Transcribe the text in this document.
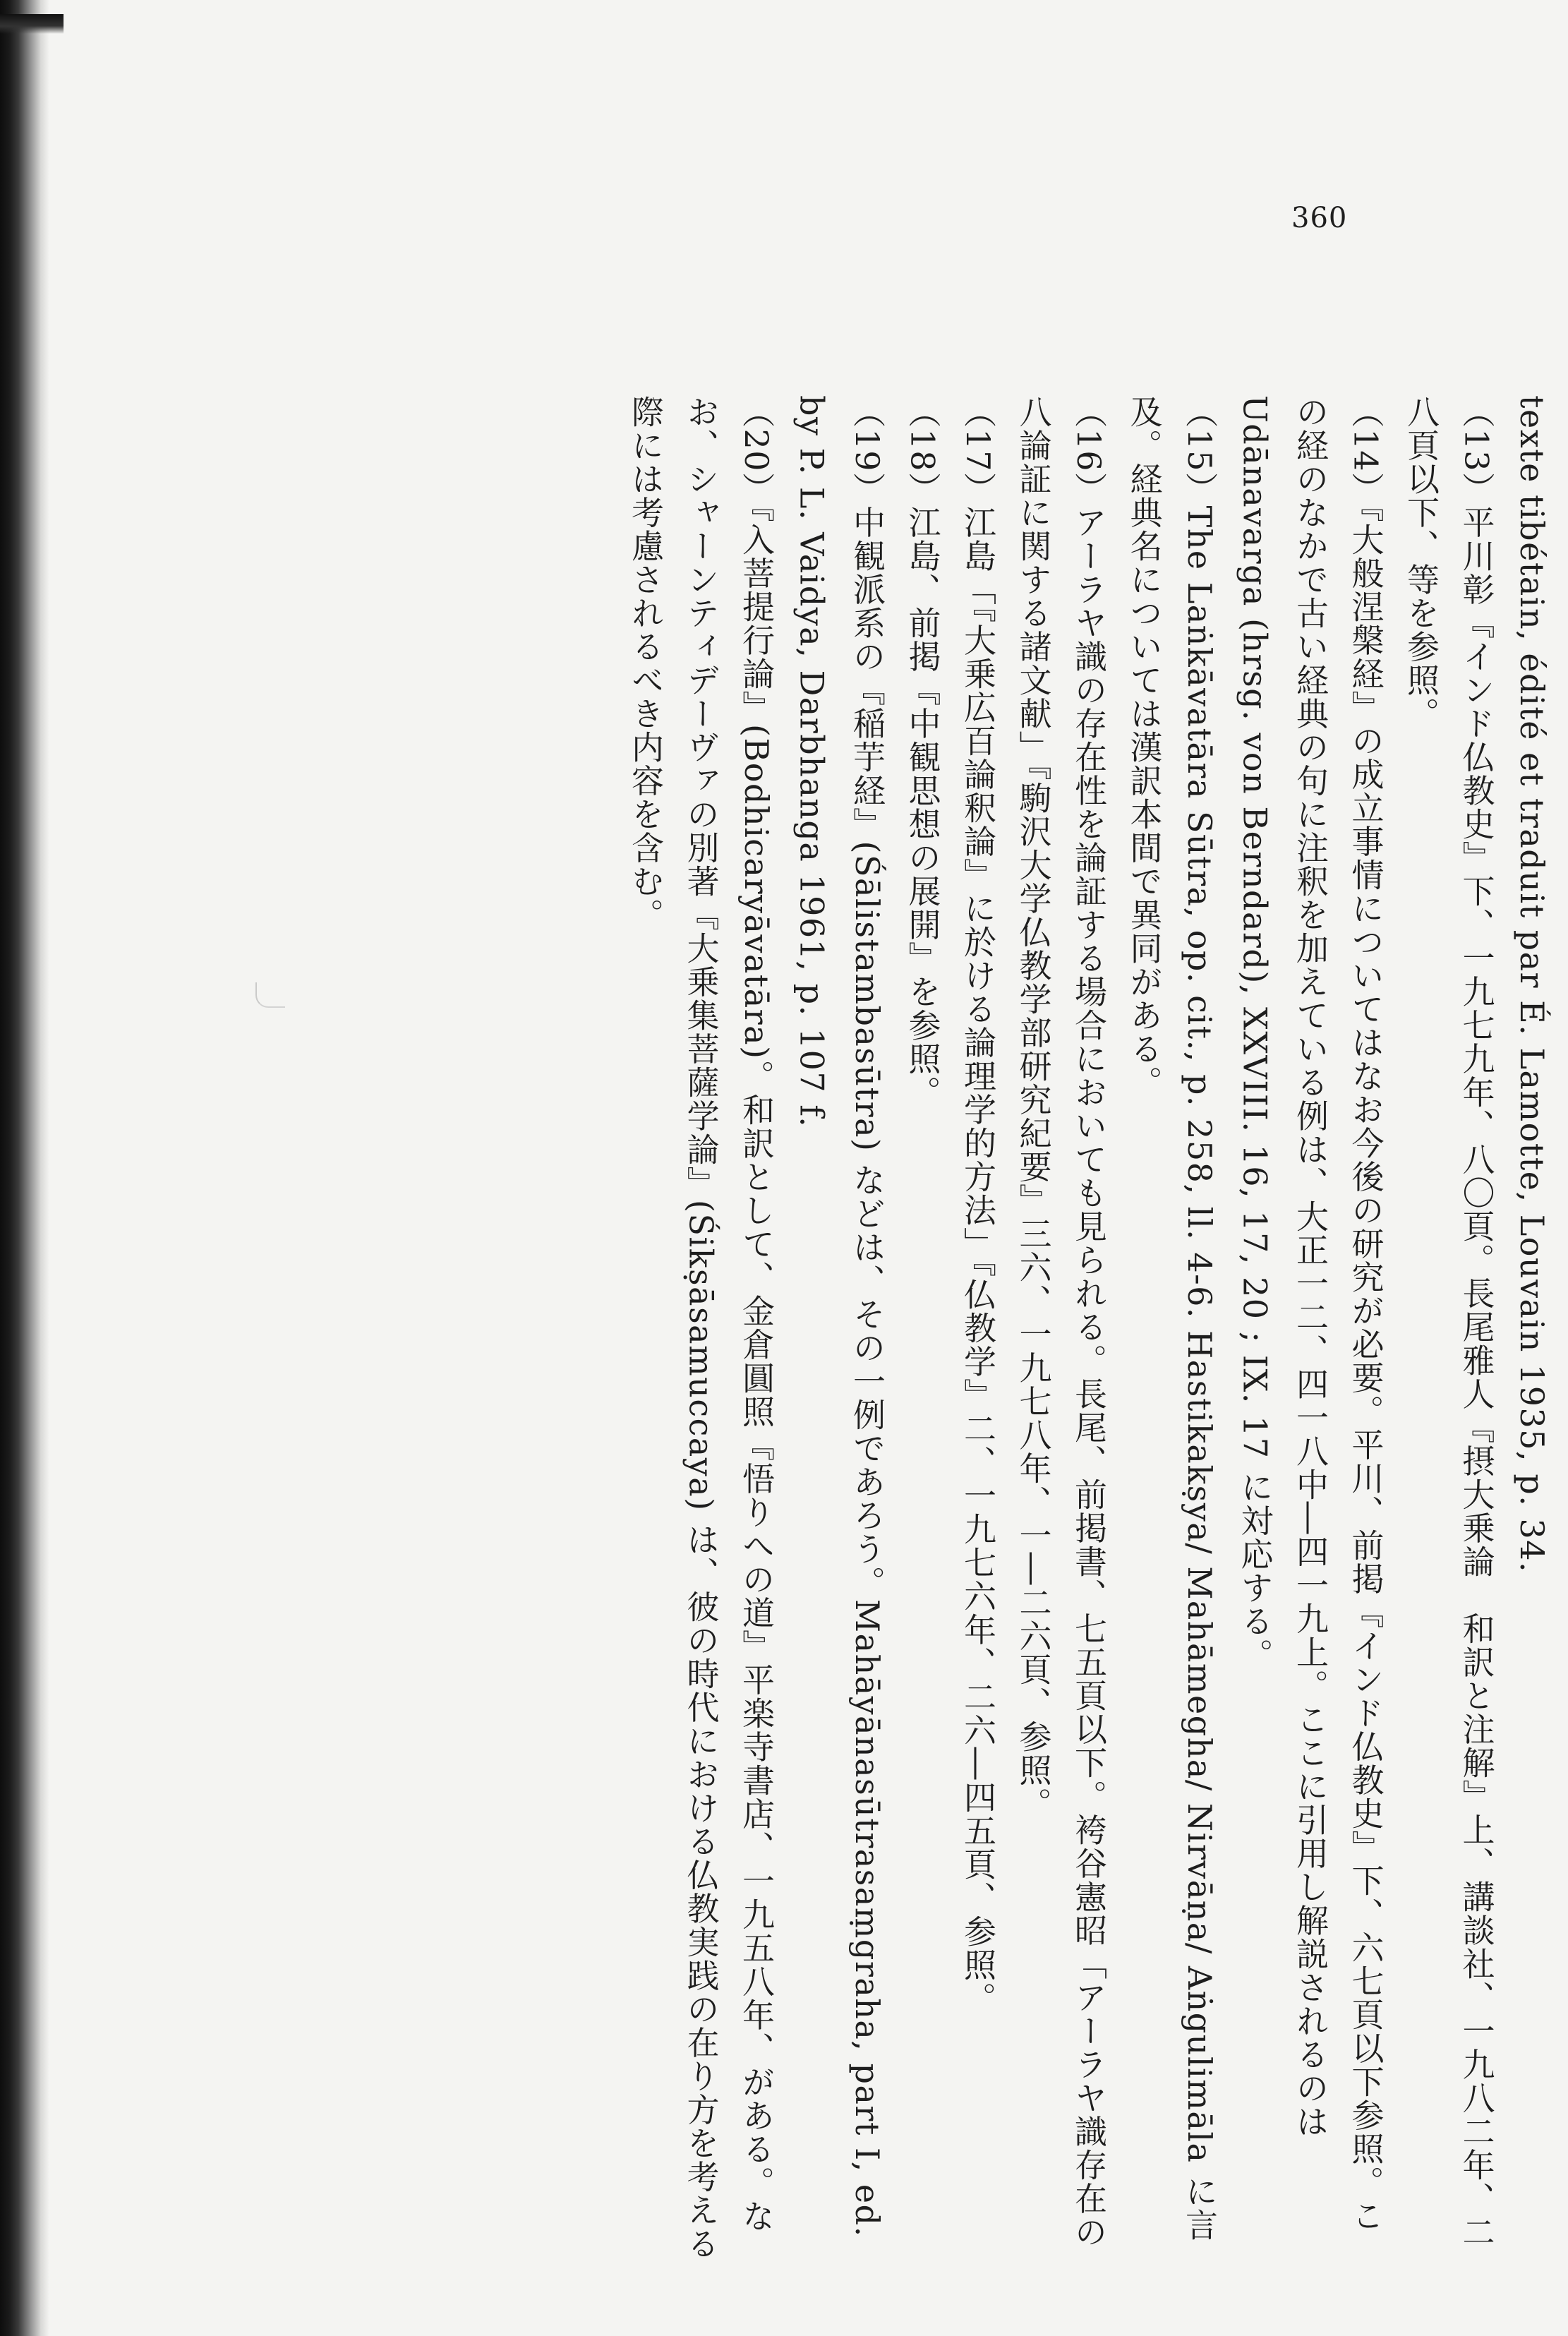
360

texte tibétain, édité et traduit par É. Lamotte, Louvain 1935, p. 34.

（13）平川彰『インド仏教史』下、一九七九年、八〇頁。長尾雅人『摂大乗論　和訳と注解』上、講談社、一九八二年、二八頁以下、等を参照。

（14）『大般涅槃経』の成立事情についてはなお今後の研究が必要。平川、前掲『インド仏教史』下、六七頁以下参照。この経のなかで古い経典の句に注釈を加えている例は、大正一二、四一八中―四一九上。ここに引用し解説されるのは Udānavarga (hrsg. von Berndard), XXVIII. 16, 17, 20 ; IX. 17 に対応する。

（15）The Laṅkāvatāra Sūtra, op. cit., p. 258, ll. 4-6. Hastikakṣya/ Mahāmegha/ Nirvāṇa/ Aṅgulimāla に言及。経典名については漢訳本間で異同がある。

（16）アーラヤ識の存在性を論証する場合においても見られる。長尾、前掲書、七五頁以下。袴谷憲昭「アーラヤ識存在の八論証に関する諸文献」『駒沢大学仏教学部研究紀要』三六、一九七八年、一―二六頁、参照。

（17）江島「『大乗広百論釈論』に於ける論理学的方法」『仏教学』二、一九七六年、二六―四五頁、参照。

（18）江島、前掲『中観思想の展開』を参照。

（19）中観派系の『稲芋経』(Śālistambasūtra) などは、その一例であろう。Mahāyānasūtrasaṃgraha, part I, ed. by P. L. Vaidya, Darbhanga 1961, p. 107 f.

（20）『入菩提行論』(Bodhicaryāvatāra)。和訳として、金倉圓照『悟りへの道』平楽寺書店、一九五八年、がある。なお、シャーンティデーヴァの別著『大乗集菩薩学論』(Śikṣāsamuccaya) は、彼の時代における仏教実践の在り方を考える際には考慮されるべき内容を含む。
